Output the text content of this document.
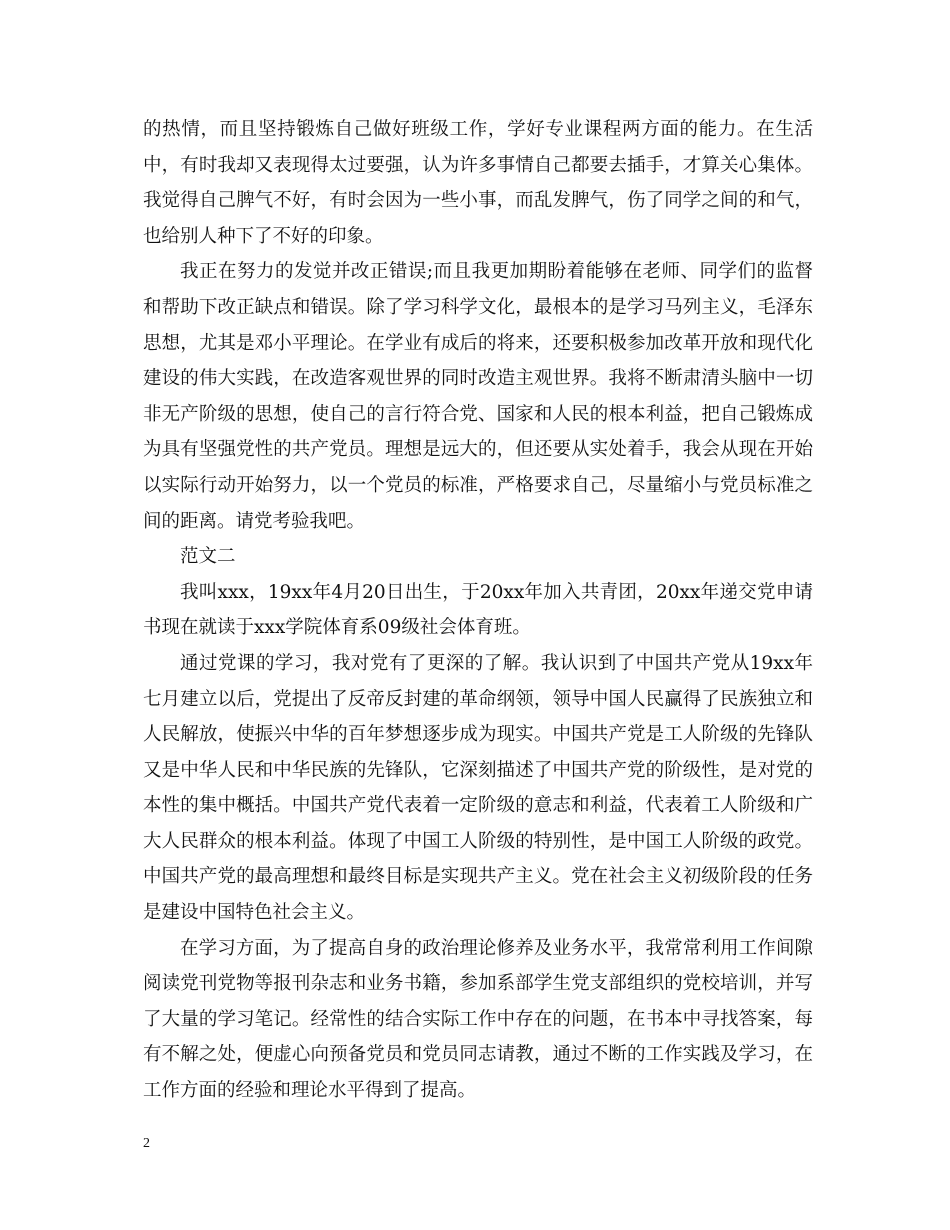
的热情，而且坚持锻炼自己做好班级工作，学好专业课程两方面的能力。在生活中，有时我却又表现得太过要强，认为许多事情自己都要去插手，才算关心集体。我觉得自己脾气不好，有时会因为一些小事，而乱发脾气，伤了同学之间的和气，也给别人种下了不好的印象。

我正在努力的发觉并改正错误;而且我更加期盼着能够在老师、同学们的监督和帮助下改正缺点和错误。除了学习科学文化，最根本的是学习马列主义，毛泽东思想，尤其是邓小平理论。在学业有成后的将来，还要积极参加改革开放和现代化建设的伟大实践，在改造客观世界的同时改造主观世界。我将不断肃清头脑中一切非无产阶级的思想，使自己的言行符合党、国家和人民的根本利益，把自己锻炼成为具有坚强党性的共产党员。理想是远大的，但还要从实处着手，我会从现在开始以实际行动开始努力，以一个党员的标准，严格要求自己，尽量缩小与党员标准之间的距离。请党考验我吧。

范文二

我叫xxx，19xx年4月20日出生，于20xx年加入共青团，20xx年递交党申请书现在就读于xxx学院体育系09级社会体育班。

通过党课的学习，我对党有了更深的了解。我认识到了中国共产党从19xx年七月建立以后，党提出了反帝反封建的革命纲领，领导中国人民赢得了民族独立和人民解放，使振兴中华的百年梦想逐步成为现实。中国共产党是工人阶级的先锋队又是中华人民和中华民族的先锋队，它深刻描述了中国共产党的阶级性，是对党的本性的集中概括。中国共产党代表着一定阶级的意志和利益，代表着工人阶级和广大人民群众的根本利益。体现了中国工人阶级的特别性，是中国工人阶级的政党。中国共产党的最高理想和最终目标是实现共产主义。党在社会主义初级阶段的任务是建设中国特色社会主义。

在学习方面，为了提高自身的政治理论修养及业务水平，我常常利用工作间隙阅读党刊党物等报刊杂志和业务书籍，参加系部学生党支部组织的党校培训，并写了大量的学习笔记。经常性的结合实际工作中存在的问题，在书本中寻找答案，每有不解之处，便虚心向预备党员和党员同志请教，通过不断的工作实践及学习，在工作方面的经验和理论水平得到了提高。

2
